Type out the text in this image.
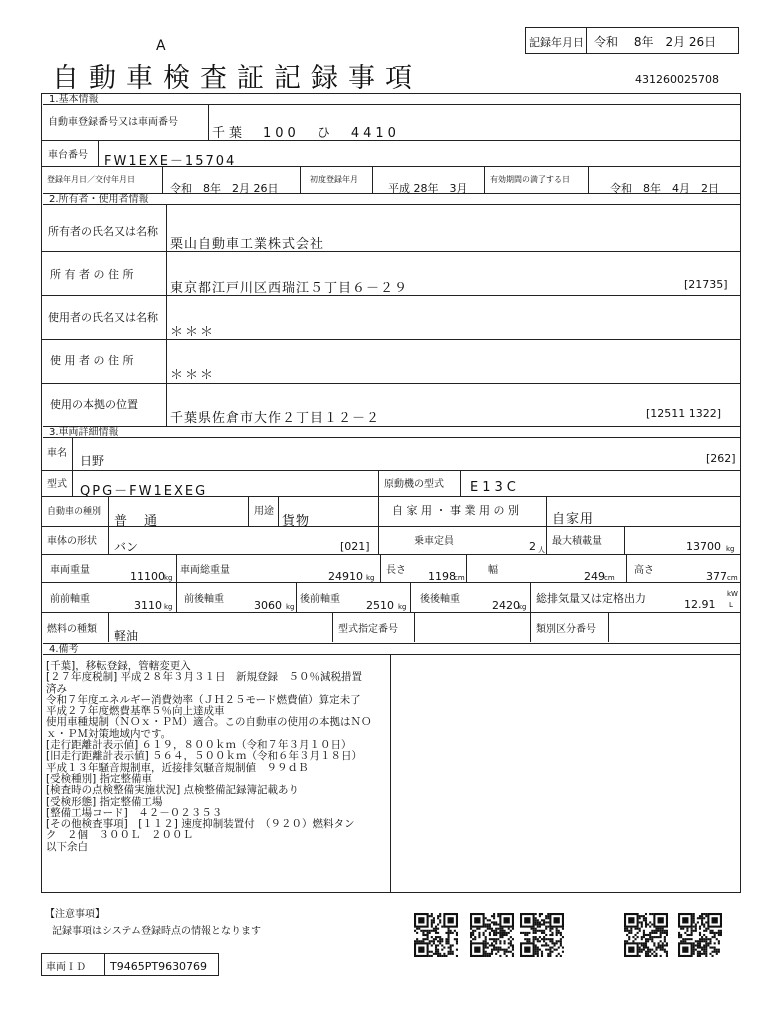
A
自動車検査証記録事項
記録年月日 令和　 8年　2月 26日
431260025708
1.基本情報
自動車登録番号又は車両番号
千葉　100　ひ　4410
車台番号 FW1EXE－15704
登録年月日／交付年月日
令和　8年　2月 26日
初度登録年月
平成 28年　3月
有効期間の満了する日
令和　8年　4月　2日
2.所有者・使用者情報
所有者の氏名又は名称
栗山自動車工業株式会社
所 有 者 の 住 所
東京都江戸川区西瑞江５丁目６－２９	[21735]
使用者の氏名又は名称
＊＊＊
使 用 者 の 住 所
＊＊＊
使用の本拠の位置
千葉県佐倉市大作２丁目１２－２	[12511 1322]
3.車両詳細情報
車名
日野	[262]
型式 QPG－FW1EXEG	原動機の型式 E13C
自動車の種別
普　通
用途
貨物
自 家 用 ・ 事 業 用 の 別
自家用
車体の形状 バン	[021]	乗車定員	2 人
最大積載量	13700 kg
車両重量	11100 kg
車両総重量	24910 kg
長さ 1198
cm
幅	249 cm
高さ	377 cm
前前軸重	3110 kg
前後軸重	3060 kg
後前軸重 2510 kg
後後軸重	2420
kg
総排気量又は定格出力	12.91
kW
L
燃料の種類 軽油	型式指定番号	類別区分番号
4.備考
[千葉]，移転登録，管轄変更入
[２７年度税制] 平成２８年３月３１日　新規登録　５０％減税措置
済み
令和７年度エネルギー消費効率（ＪＨ２５モード燃費値）算定未了
平成２７年度燃費基準５％向上達成車
使用車種規制（ＮＯｘ・ＰＭ）適合。この自動車の使用の本拠はＮＯ
ｘ・ＰＭ対策地域内です。
[走行距離計表示値] ６１９，８００ｋｍ（令和７年３月１０日）
[旧走行距離計表示値] ５６４，５００ｋｍ（令和６年３月１８日）
平成１３年騒音規制車，近接排気騒音規制値　９９ｄＢ
[受検種別] 指定整備車
[検査時の点検整備実施状況] 点検整備記録簿記載あり
[受検形態] 指定整備工場
[整備工場コード]　４２－０２３５３
[その他検査事項]　[１１２] 速度抑制装置付　（９２０）燃料タン
ク　２個　３００Ｌ　２００Ｌ
以下余白
【注意事項】
記録事項はシステム登録時点の情報となります
車両ＩＤ T9465PT9630769
